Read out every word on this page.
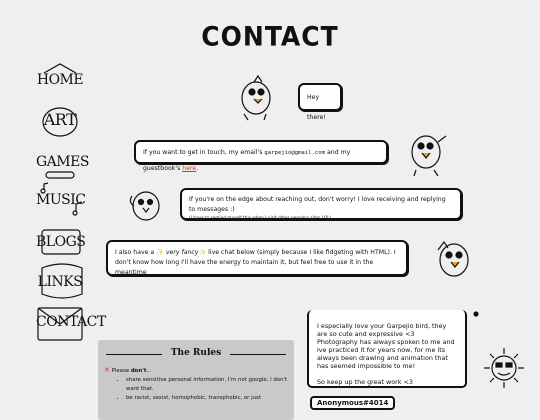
CONTACT
HOME
ART
GAMES
MUSIC
BLOGS
LINKS
CONTACT
Hey there!
If you want to get in touch, my email's garpejio@gmail.com and my guestbook's here.
If you're on the edge about reaching out, don't worry! I love receiving and replying to messages :)
(I have to remind myself this when I visit other people's sites LOL)
I also have a ✨ very fancy✨ live chat below (simply because I like fidgeting with HTML). I don't know how long I'll have the energy to maintain it, but feel free to use it in the meantime

I especially love your Garpejio bird, they are so cute and expressive <3
Photography has always spoken to me and ive practiced it for years now, for me its always been drawing and animation that has seemed impossible to me!

So keep up the great work <3

Anonymous#4014
The Rules
✕ Please don't...
• share sensitive personal information. I'm not google, I don't want that.
• be racist, sexist, homophobic, transphobic, or just
